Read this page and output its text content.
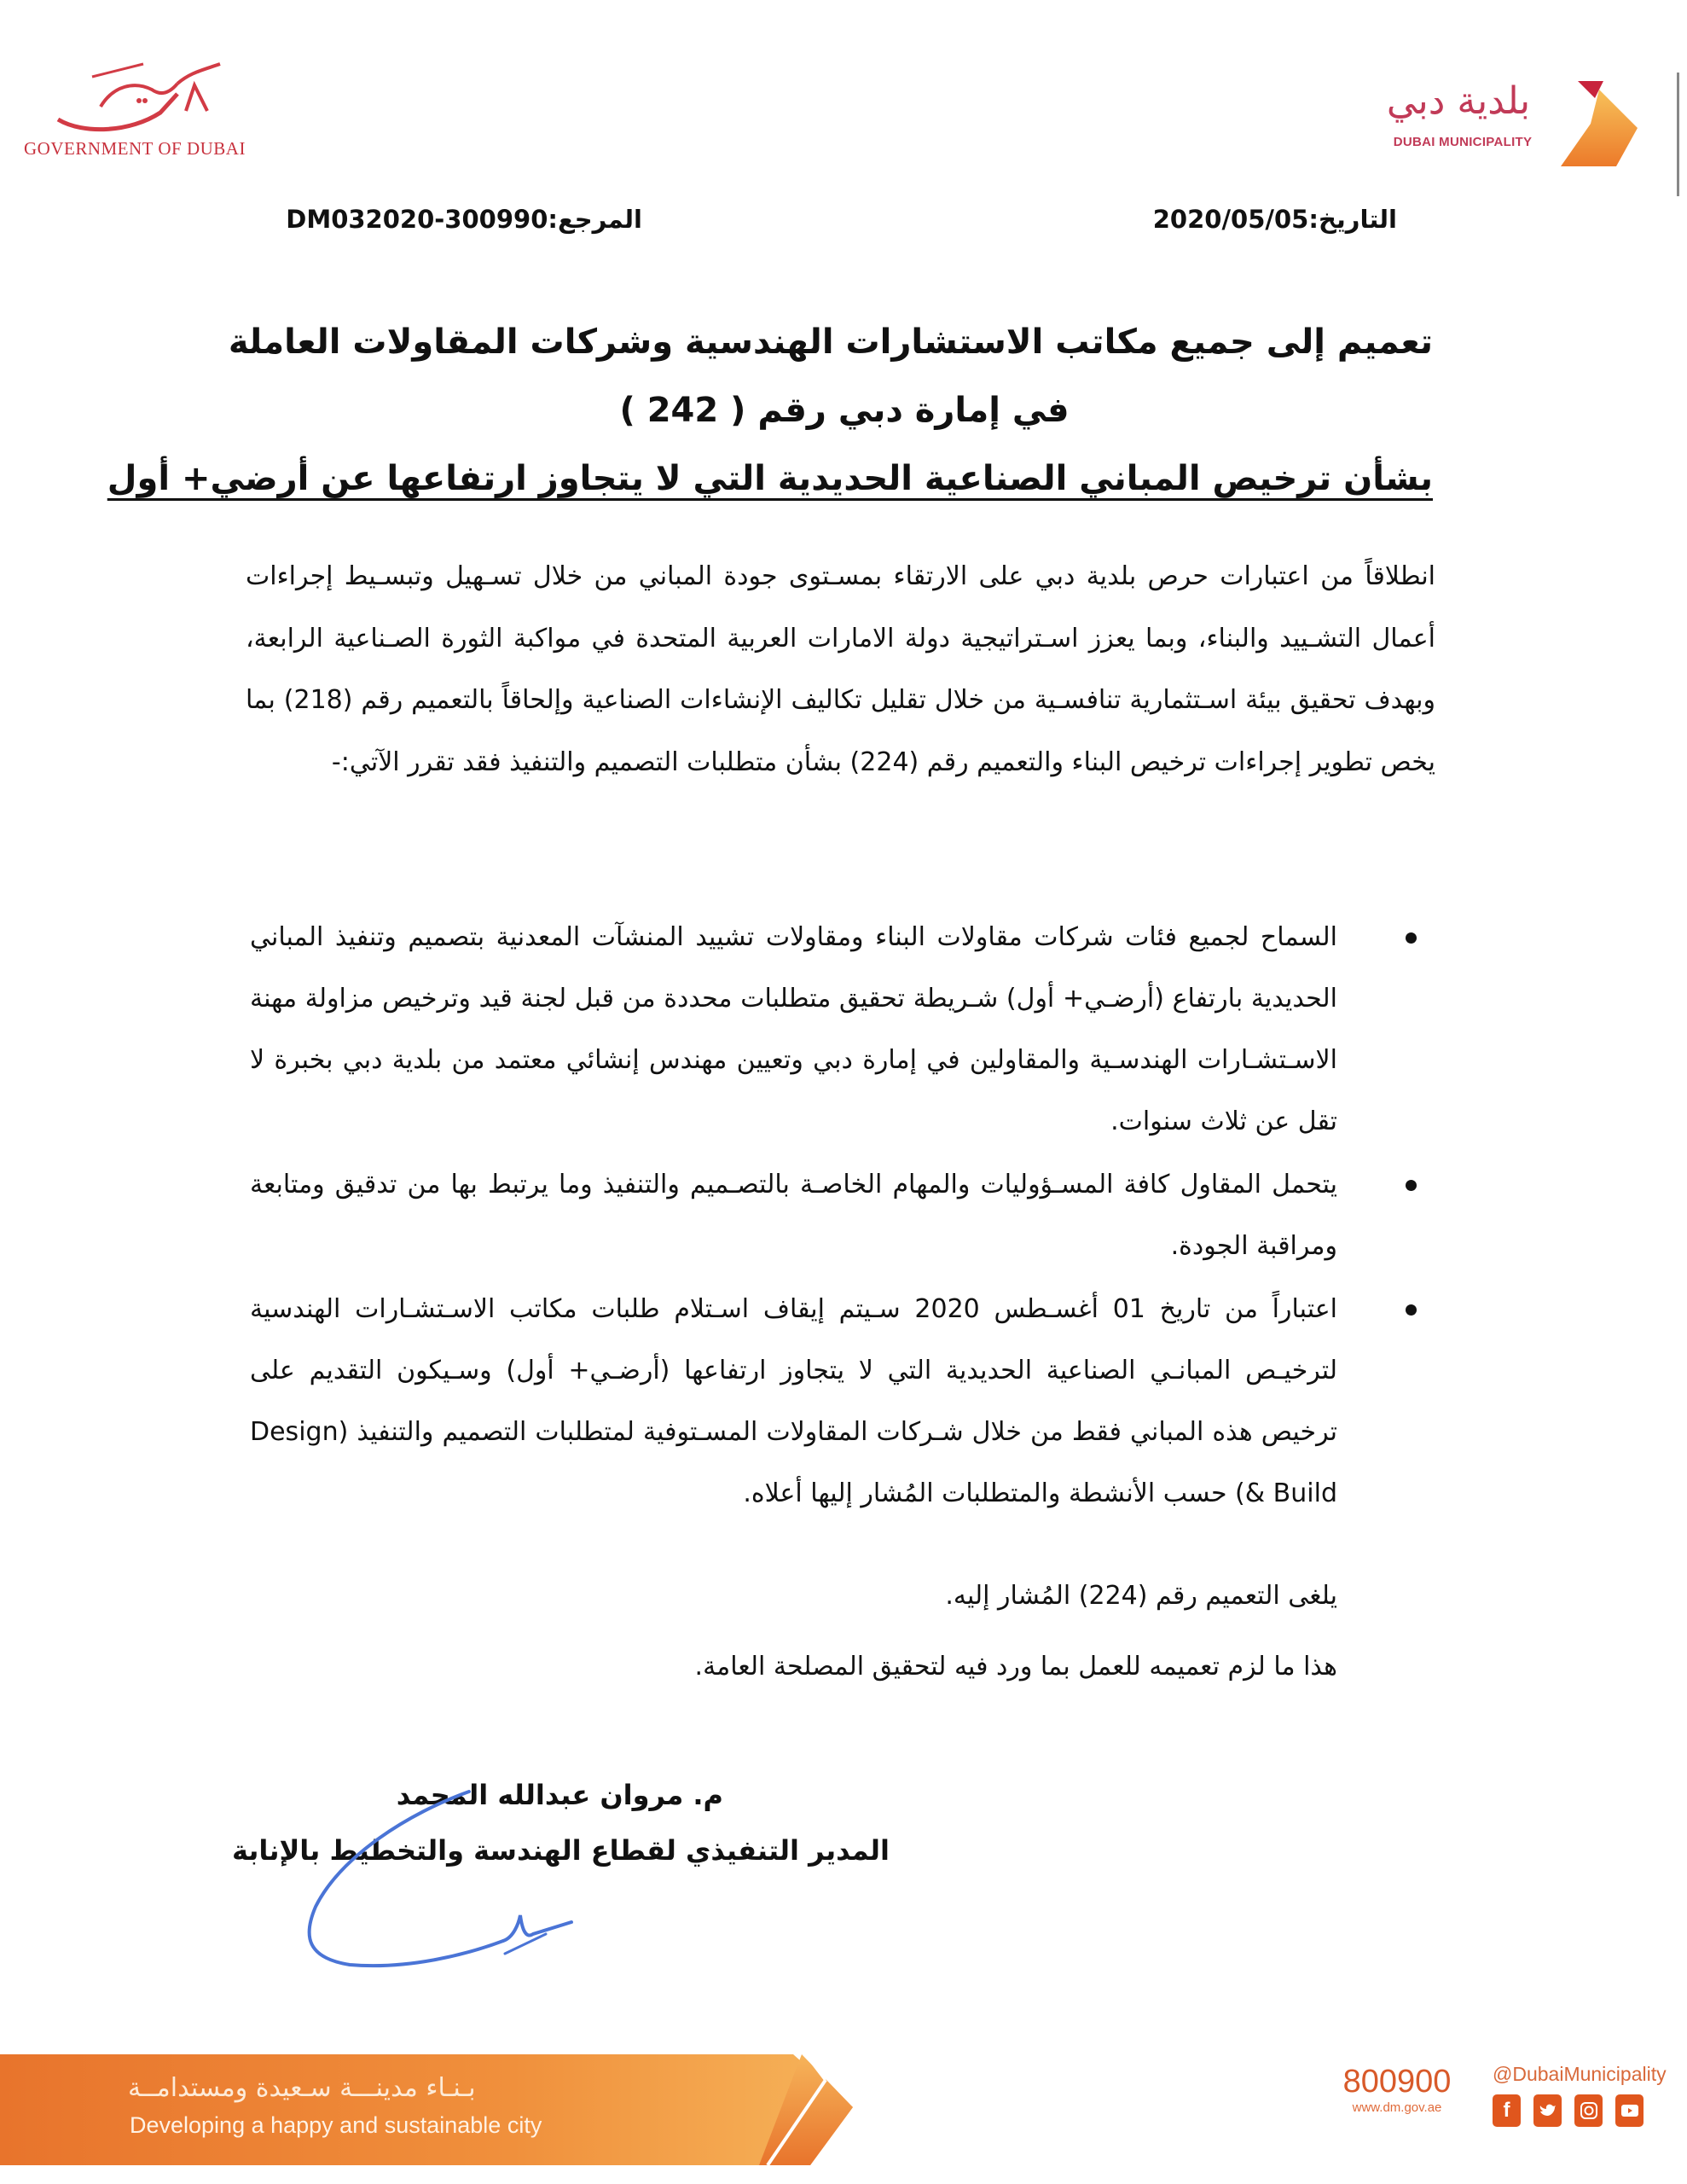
GOVERNMENT OF DUBAI
بلدية دبي
DUBAI MUNICIPALITY
التاريخ:2020/05/05
المرجع:DM032020-300990
تعميم إلى جميع مكاتب الاستشارات الهندسية وشركات المقاولات العاملة
في إمارة دبي رقم ( 242 )
بشأن ترخيص المباني الصناعية الحديدية التي لا يتجاوز ارتفاعها عن أرضي+ أول
انطلاقاً من اعتبارات حرص بلدية دبي على الارتقاء بمسـتوى جودة المباني من خلال تسـهيل وتبسـيط إجراءات أعمال التشـييد والبناء، وبما يعزز اسـتراتيجية دولة الامارات العربية المتحدة في مواكبة الثورة الصـناعية الرابعة، وبهدف تحقيق بيئة اسـتثمارية تنافسـية من خلال تقليل تكاليف الإنشاءات الصناعية وإلحاقاً بالتعميم رقم (218) بما يخص تطوير إجراءات ترخيص البناء والتعميم رقم (224) بشأن متطلبات التصميم والتنفيذ فقد تقرر الآتي:-
السماح لجميع فئات شركات مقاولات البناء ومقاولات تشييد المنشآت المعدنية بتصميم وتنفيذ المباني الحديدية بارتفاع (أرضـي+ أول) شـريطة تحقيق متطلبات محددة من قبل لجنة قيد وترخيص مزاولة مهنة الاسـتشـارات الهندسـية والمقاولين في إمارة دبي وتعيين مهندس إنشائي معتمد من بلدية دبي بخبرة لا تقل عن ثلاث سنوات.
يتحمل المقاول كافة المسـؤوليات والمهام الخاصـة بالتصـميم والتنفيذ وما يرتبط بها من تدقيق ومتابعة ومراقبة الجودة.
اعتباراً من تاريخ 01 أغسـطس 2020 سـيتم إيقاف اسـتلام طلبات مكاتب الاسـتشـارات الهندسية لترخيـص المبانـي الصناعية الحديدية التي لا يتجاوز ارتفاعها (أرضـي+ أول) وسـيكون التقديم على ترخيص هذه المباني فقط من خلال شـركات المقاولات المسـتوفية لمتطلبات التصميم والتنفيذ (Design & Build) حسب الأنشطة والمتطلبات المُشار إليها أعلاه.
يلغى التعميم رقم (224) المُشار إليه.
هذا ما لزم تعميمه للعمل بما ورد فيه لتحقيق المصلحة العامة.
م. مروان عبدالله المحمد
المدير التنفيذي لقطاع الهندسة والتخطيط بالإنابة
بـنـاء مدينـــة سـعيدة ومستدامــة
Developing a happy and sustainable city
800900
www.dm.gov.ae
@DubaiMunicipality
f
